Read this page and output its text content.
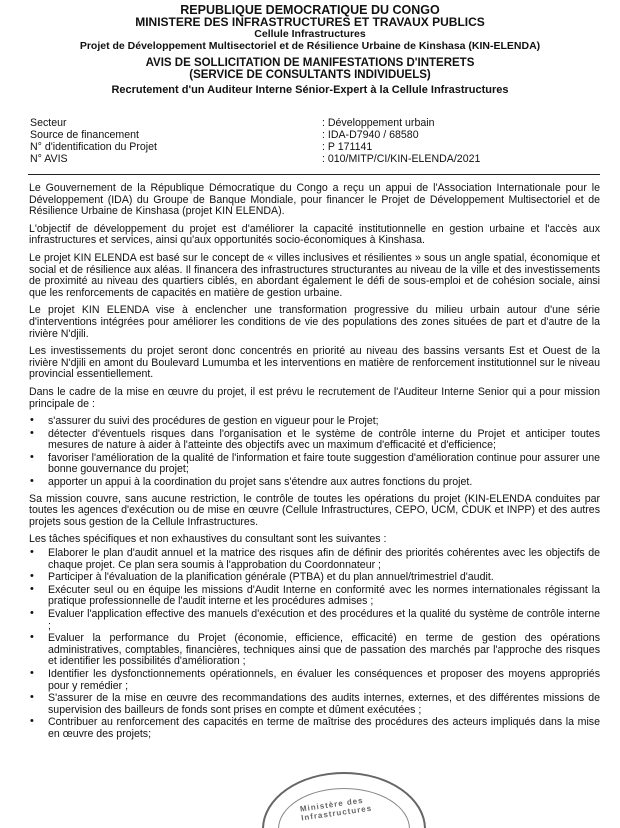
REPUBLIQUE DEMOCRATIQUE DU CONGO
MINISTERE DES INFRASTRUCTURES ET TRAVAUX PUBLICS
Cellule Infrastructures
Projet de Développement Multisectoriel et de Résilience Urbaine de Kinshasa (KIN-ELENDA)
AVIS DE SOLLICITATION DE MANIFESTATIONS D'INTERETS
(SERVICE DE CONSULTANTS INDIVIDUELS)
Recrutement d'un Auditeur Interne Sénior-Expert à la Cellule Infrastructures
Secteur
Source de financement
N° d'identification du Projet
N° AVIS
: Développement urbain
: IDA-D7940 / 68580
: P 171141
: 010/MITP/CI/KIN-ELENDA/2021

Le Gouvernement de la République Démocratique du Congo a reçu un appui de l'Association Internationale pour le Développement (IDA) du Groupe de Banque Mondiale, pour financer le Projet de Développement Multisectoriel et de Résilience Urbaine de Kinshasa (projet KIN ELENDA).

L'objectif de développement du projet est d'améliorer la capacité institutionnelle en gestion urbaine et l'accès aux infrastructures et services, ainsi qu'aux opportunités socio-économiques à Kinshasa.

Le projet KIN ELENDA est basé sur le concept de « villes inclusives et résilientes » sous un angle spatial, économique et social et de résilience aux aléas. Il financera des infrastructures structurantes au niveau de la ville et des investissements de proximité au niveau des quartiers ciblés, en abordant également le défi de sous-emploi et de cohésion sociale, ainsi que les renforcements de capacités en matière de gestion urbaine.

Le projet KIN ELENDA vise à enclencher une transformation progressive du milieu urbain autour d'une série d'interventions intégrées pour améliorer les conditions de vie des populations des zones situées de part et d'autre de la rivière N'djili.

Les investissements du projet seront donc concentrés en priorité au niveau des bassins versants Est et Ouest de la rivière N'djili en amont du Boulevard Lumumba et les interventions en matière de renforcement institutionnel sur le niveau provincial essentiellement.

Dans le cadre de la mise en œuvre du projet, il est prévu le recrutement de l'Auditeur Interne Senior qui a pour mission principale de :

• s'assurer du suivi des procédures de gestion en vigueur pour le Projet;
• détecter d'éventuels risques dans l'organisation et le système de contrôle interne du Projet et anticiper toutes mesures de nature à aider à l'atteinte des objectifs avec un maximum d'efficacité et d'efficience;
• favoriser l'amélioration de la qualité de l'information et faire toute suggestion d'amélioration continue pour assurer une bonne gouvernance du projet;
• apporter un appui à la coordination du projet sans s'étendre aux autres fonctions du projet.

Sa mission couvre, sans aucune restriction, le contrôle de toutes les opérations du projet (KIN-ELENDA conduites par toutes les agences d'exécution ou de mise en œuvre (Cellule Infrastructures, CEPO, UCM, CDUK et INPP) et des autres projets sous gestion de la Cellule Infrastructures.

Les tâches spécifiques et non exhaustives du consultant sont les suivantes :

• Elaborer le plan d'audit annuel et la matrice des risques afin de définir des priorités cohérentes avec les objectifs de chaque projet. Ce plan sera soumis à l'approbation du Coordonnateur ;
• Participer à l'évaluation de la planification générale (PTBA) et du plan annuel/trimestriel d'audit.
• Exécuter seul ou en équipe les missions d'Audit Interne en conformité avec les normes internationales régissant la pratique professionnelle de l'audit interne et les procédures admises ;
• Evaluer l'application effective des manuels d'exécution et des procédures et la qualité du système de contrôle interne ;
• Evaluer la performance du Projet (économie, efficience, efficacité) en terme de gestion des opérations administratives, comptables, financières, techniques ainsi que de passation des marchés par l'approche des risques et identifier les possibilités d'amélioration ;
• Identifier les dysfonctionnements opérationnels, en évaluer les conséquences et proposer des moyens appropriés pour y remédier ;
• S'assurer de la mise en œuvre des recommandations des audits internes, externes, et des différentes missions de supervision des bailleurs de fonds sont prises en compte et dûment exécutées ;
• Contribuer au renforcement des capacités en terme de maîtrise des procédures des acteurs impliqués dans la mise en œuvre des projets;
Ministère des Infrastructures
